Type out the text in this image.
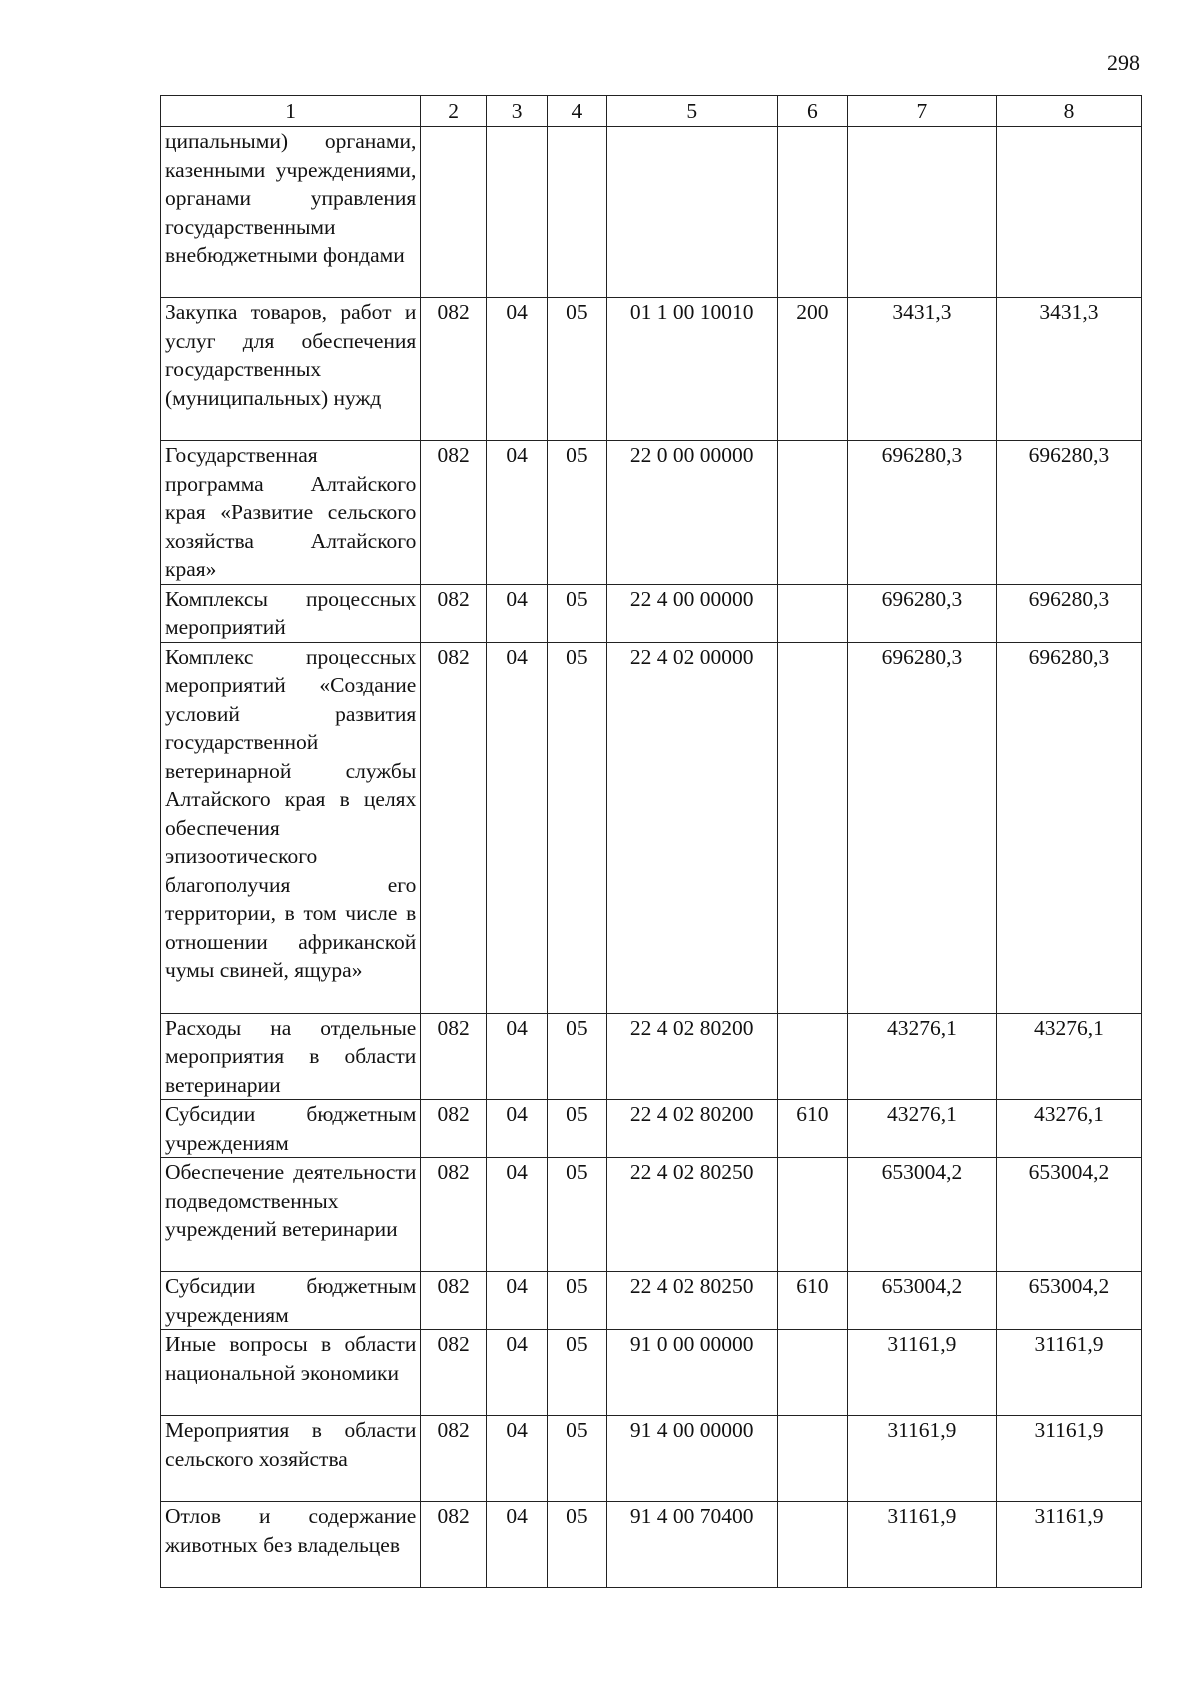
298
1	2	3	4	5	6	7	8
ципальными) органами, казенными учреждениями, органами управления государственными внебюджетными фондами							
Закупка товаров, работ и услуг для обеспечения государственных (муниципальных) нужд	082	04	05	01 1 00 10010	200	3431,3	3431,3
Государственная программа Алтайского края «Развитие сельского хозяйства Алтайского края»	082	04	05	22 0 00 00000		696280,3	696280,3
Комплексы процессных мероприятий	082	04	05	22 4 00 00000		696280,3	696280,3
Комплекс процессных мероприятий «Создание условий развития государственной ветеринарной службы Алтайского края в целях обеспечения эпизоотического благополучия его территории, в том числе в отношении африканской чумы свиней, ящура»	082	04	05	22 4 02 00000		696280,3	696280,3
Расходы на отдельные мероприятия в области ветеринарии	082	04	05	22 4 02 80200		43276,1	43276,1
Субсидии бюджетным учреждениям	082	04	05	22 4 02 80200	610	43276,1	43276,1
Обеспечение деятельности подведомственных учреждений ветеринарии	082	04	05	22 4 02 80250		653004,2	653004,2
Субсидии бюджетным учреждениям	082	04	05	22 4 02 80250	610	653004,2	653004,2
Иные вопросы в области национальной экономики	082	04	05	91 0 00 00000		31161,9	31161,9
Мероприятия в области сельского хозяйства	082	04	05	91 4 00 00000		31161,9	31161,9
Отлов и содержание животных без владельцев	082	04	05	91 4 00 70400		31161,9	31161,9
